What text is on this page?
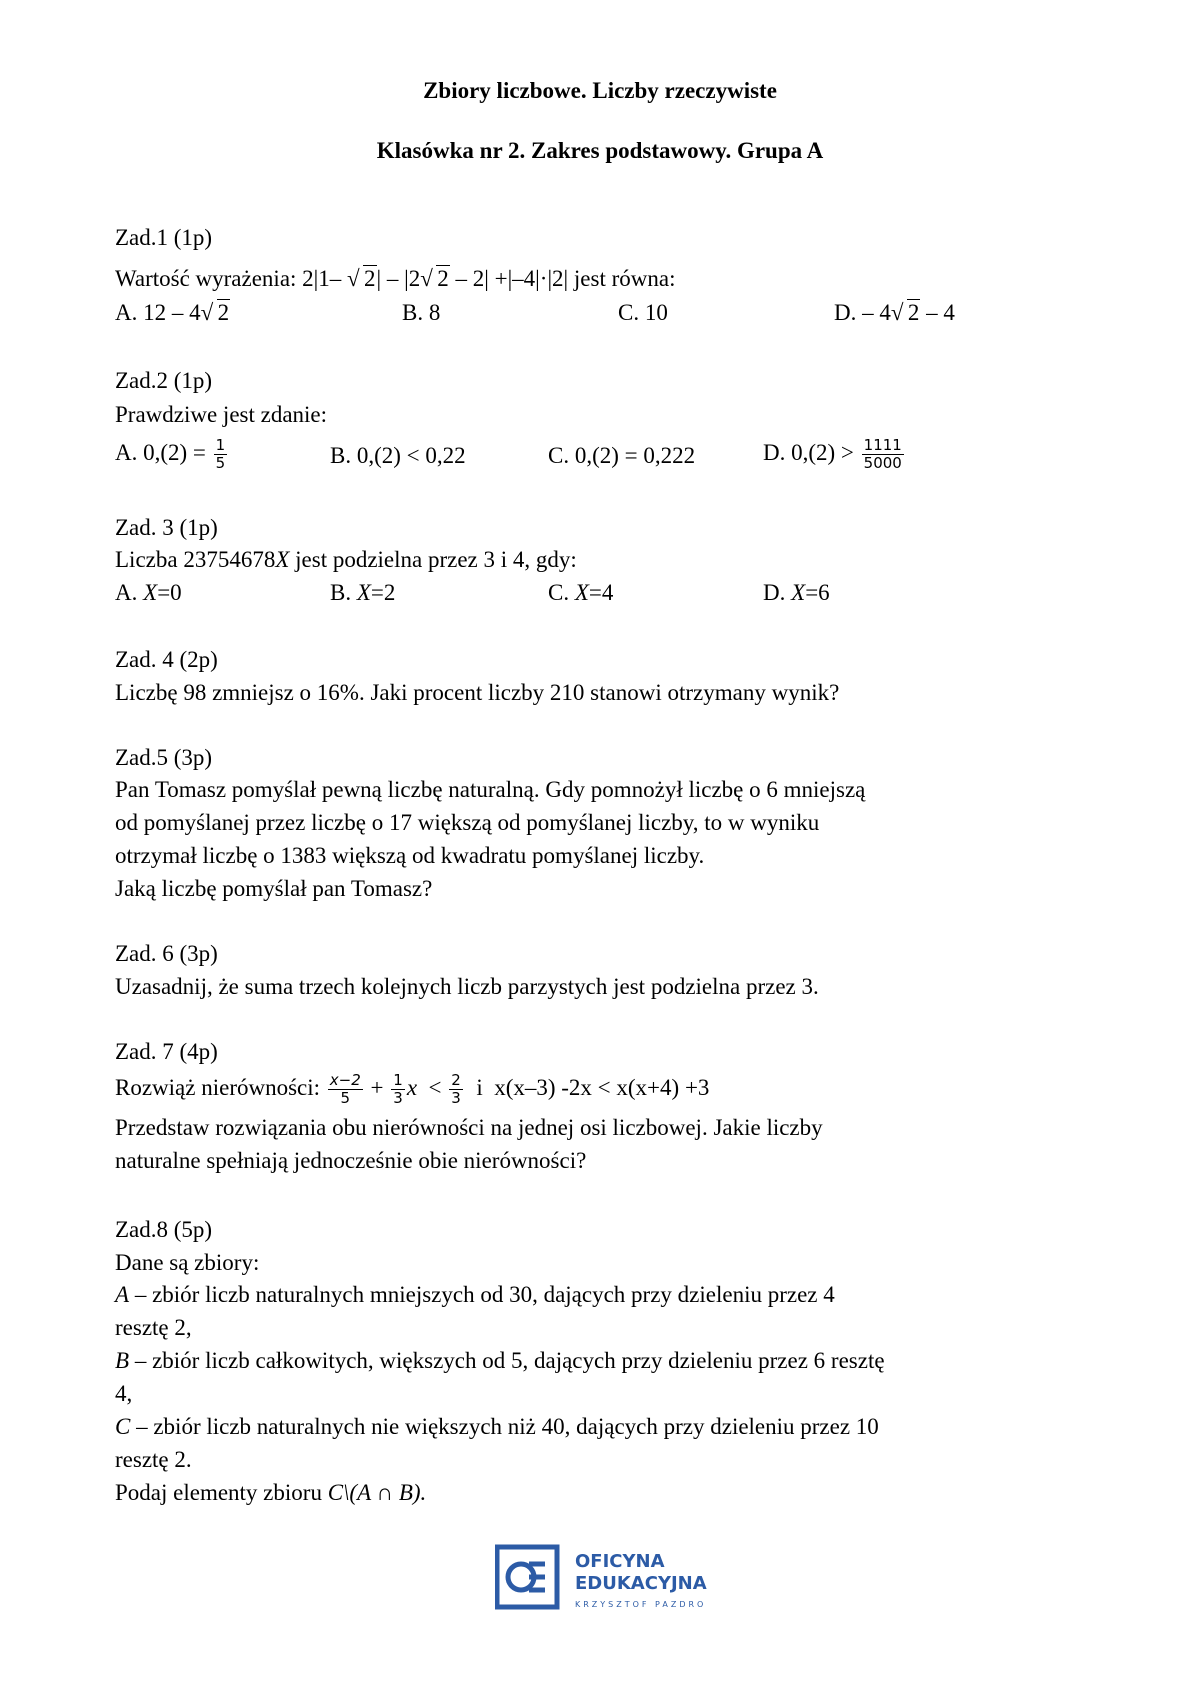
Zbiory liczbowe. Liczby rzeczywiste
Klasówka nr 2. Zakres podstawowy. Grupa A
Zad.1 (1p)
Wartość wyrażenia: 2|1– √ 2| – |2 √ 2 – 2| +|–4|·|2| jest równa:
A. 12 – 4 √ 2	B. 8	C. 10	D. – 4 √ 2 – 4
Zad.2 (1p)
Prawdziwe jest zdanie:
A. $0,(2) = \frac{1}{5}$	B. 0,(2) < 0,22	C. 0,(2) = 0,222	D. $0,(2) > \frac{1111}{5000}$
Zad. 3 (1p)
Liczba 23754678X jest podzielna przez 3 i 4, gdy:
A. X=0	B. X=2	C. X=4	D. X=6
Zad. 4 (2p)
Liczbę 98 zmniejsz o 16%. Jaki procent liczby 210 stanowi otrzymany wynik?
Zad.5 (3p)
Pan Tomasz pomyślał pewną liczbę naturalną. Gdy pomnożył liczbę o 6 mniejszą
od pomyślanej przez liczbę o 17 większą od pomyślanej liczby, to w wyniku
otrzymał liczbę o 1383 większą od kwadratu pomyślanej liczby.
Jaką liczbę pomyślał pan Tomasz?
Zad. 6 (3p)
Uzasadnij, że suma trzech kolejnych liczb parzystych jest podzielna przez 3.
Zad. 7 (4p)
Rozwiąż nierówności: $\frac{x-2}{5} + \frac{1}{3}$ $x < \frac{2}{3}$ i  x(x–3) -2x < x(x+4) +3
Przedstaw rozwiązania obu nierówności na jednej osi liczbowej. Jakie liczby
naturalne spełniają jednocześnie obie nierówności?
Zad.8 (5p)
Dane są zbiory:
A – zbiór liczb naturalnych mniejszych od 30, dających przy dzieleniu przez 4
resztę 2,
B – zbiór liczb całkowitych, większych od 5, dających przy dzieleniu przez 6 resztę
4,
C – zbiór liczb naturalnych nie większych niż 40, dających przy dzieleniu przez 10
resztę 2.
Podaj elementy zbioru C\(A ∩ B).
OFICYNA
EDUKACYJNA
KRZYSZTOF PAZDRO
